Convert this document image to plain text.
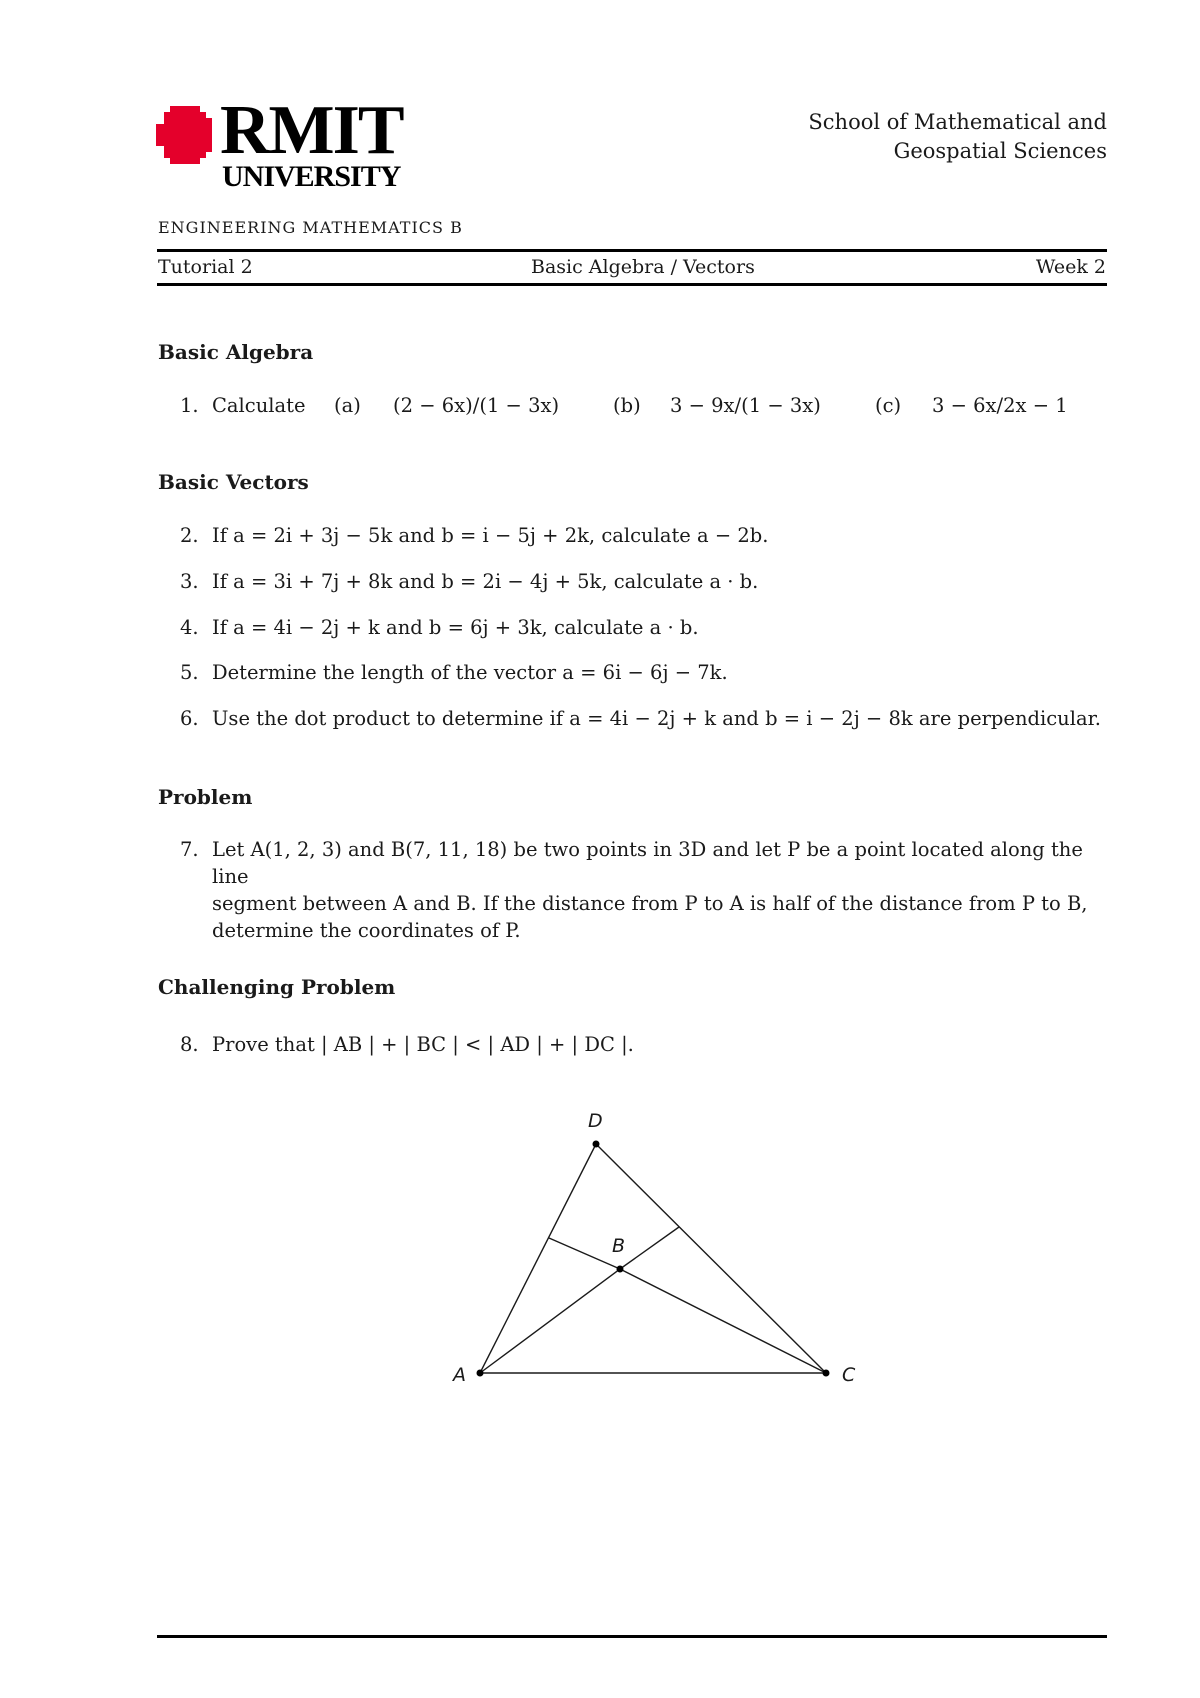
RMIT
UNIVERSITY
School of Mathematical and
Geospatial Sciences
ENGINEERING MATHEMATICS B
Tutorial 2	Basic Algebra / Vectors	Week 2
Basic Algebra
1. Calculate (a) (2 − 6x)/(1 − 3x)	(b) 3 − 9x/(1 − 3x)	(c) 3 − 6x/2x − 1
Basic Vectors
2. If a = 2i + 3j − 5k and b = i − 5j + 2k, calculate a − 2b.
3. If a = 3i + 7j + 8k and b = 2i − 4j + 5k, calculate a · b.
4. If a = 4i − 2j + k and b = 6j + 3k, calculate a · b.
5. Determine the length of the vector a = 6i − 6j − 7k.
6. Use the dot product to determine if a = 4i − 2j + k and b = i − 2j − 8k are perpendicular.
Problem
7. Let A(1, 2, 3) and B(7, 11, 18) be two points in 3D and let P be a point located along the line
segment between A and B. If the distance from P to A is half of the distance from P to B,
determine the coordinates of P.
Challenging Problem
8. Prove that | AB | + | BC | < | AD | + | DC |.
A
D
B
C
